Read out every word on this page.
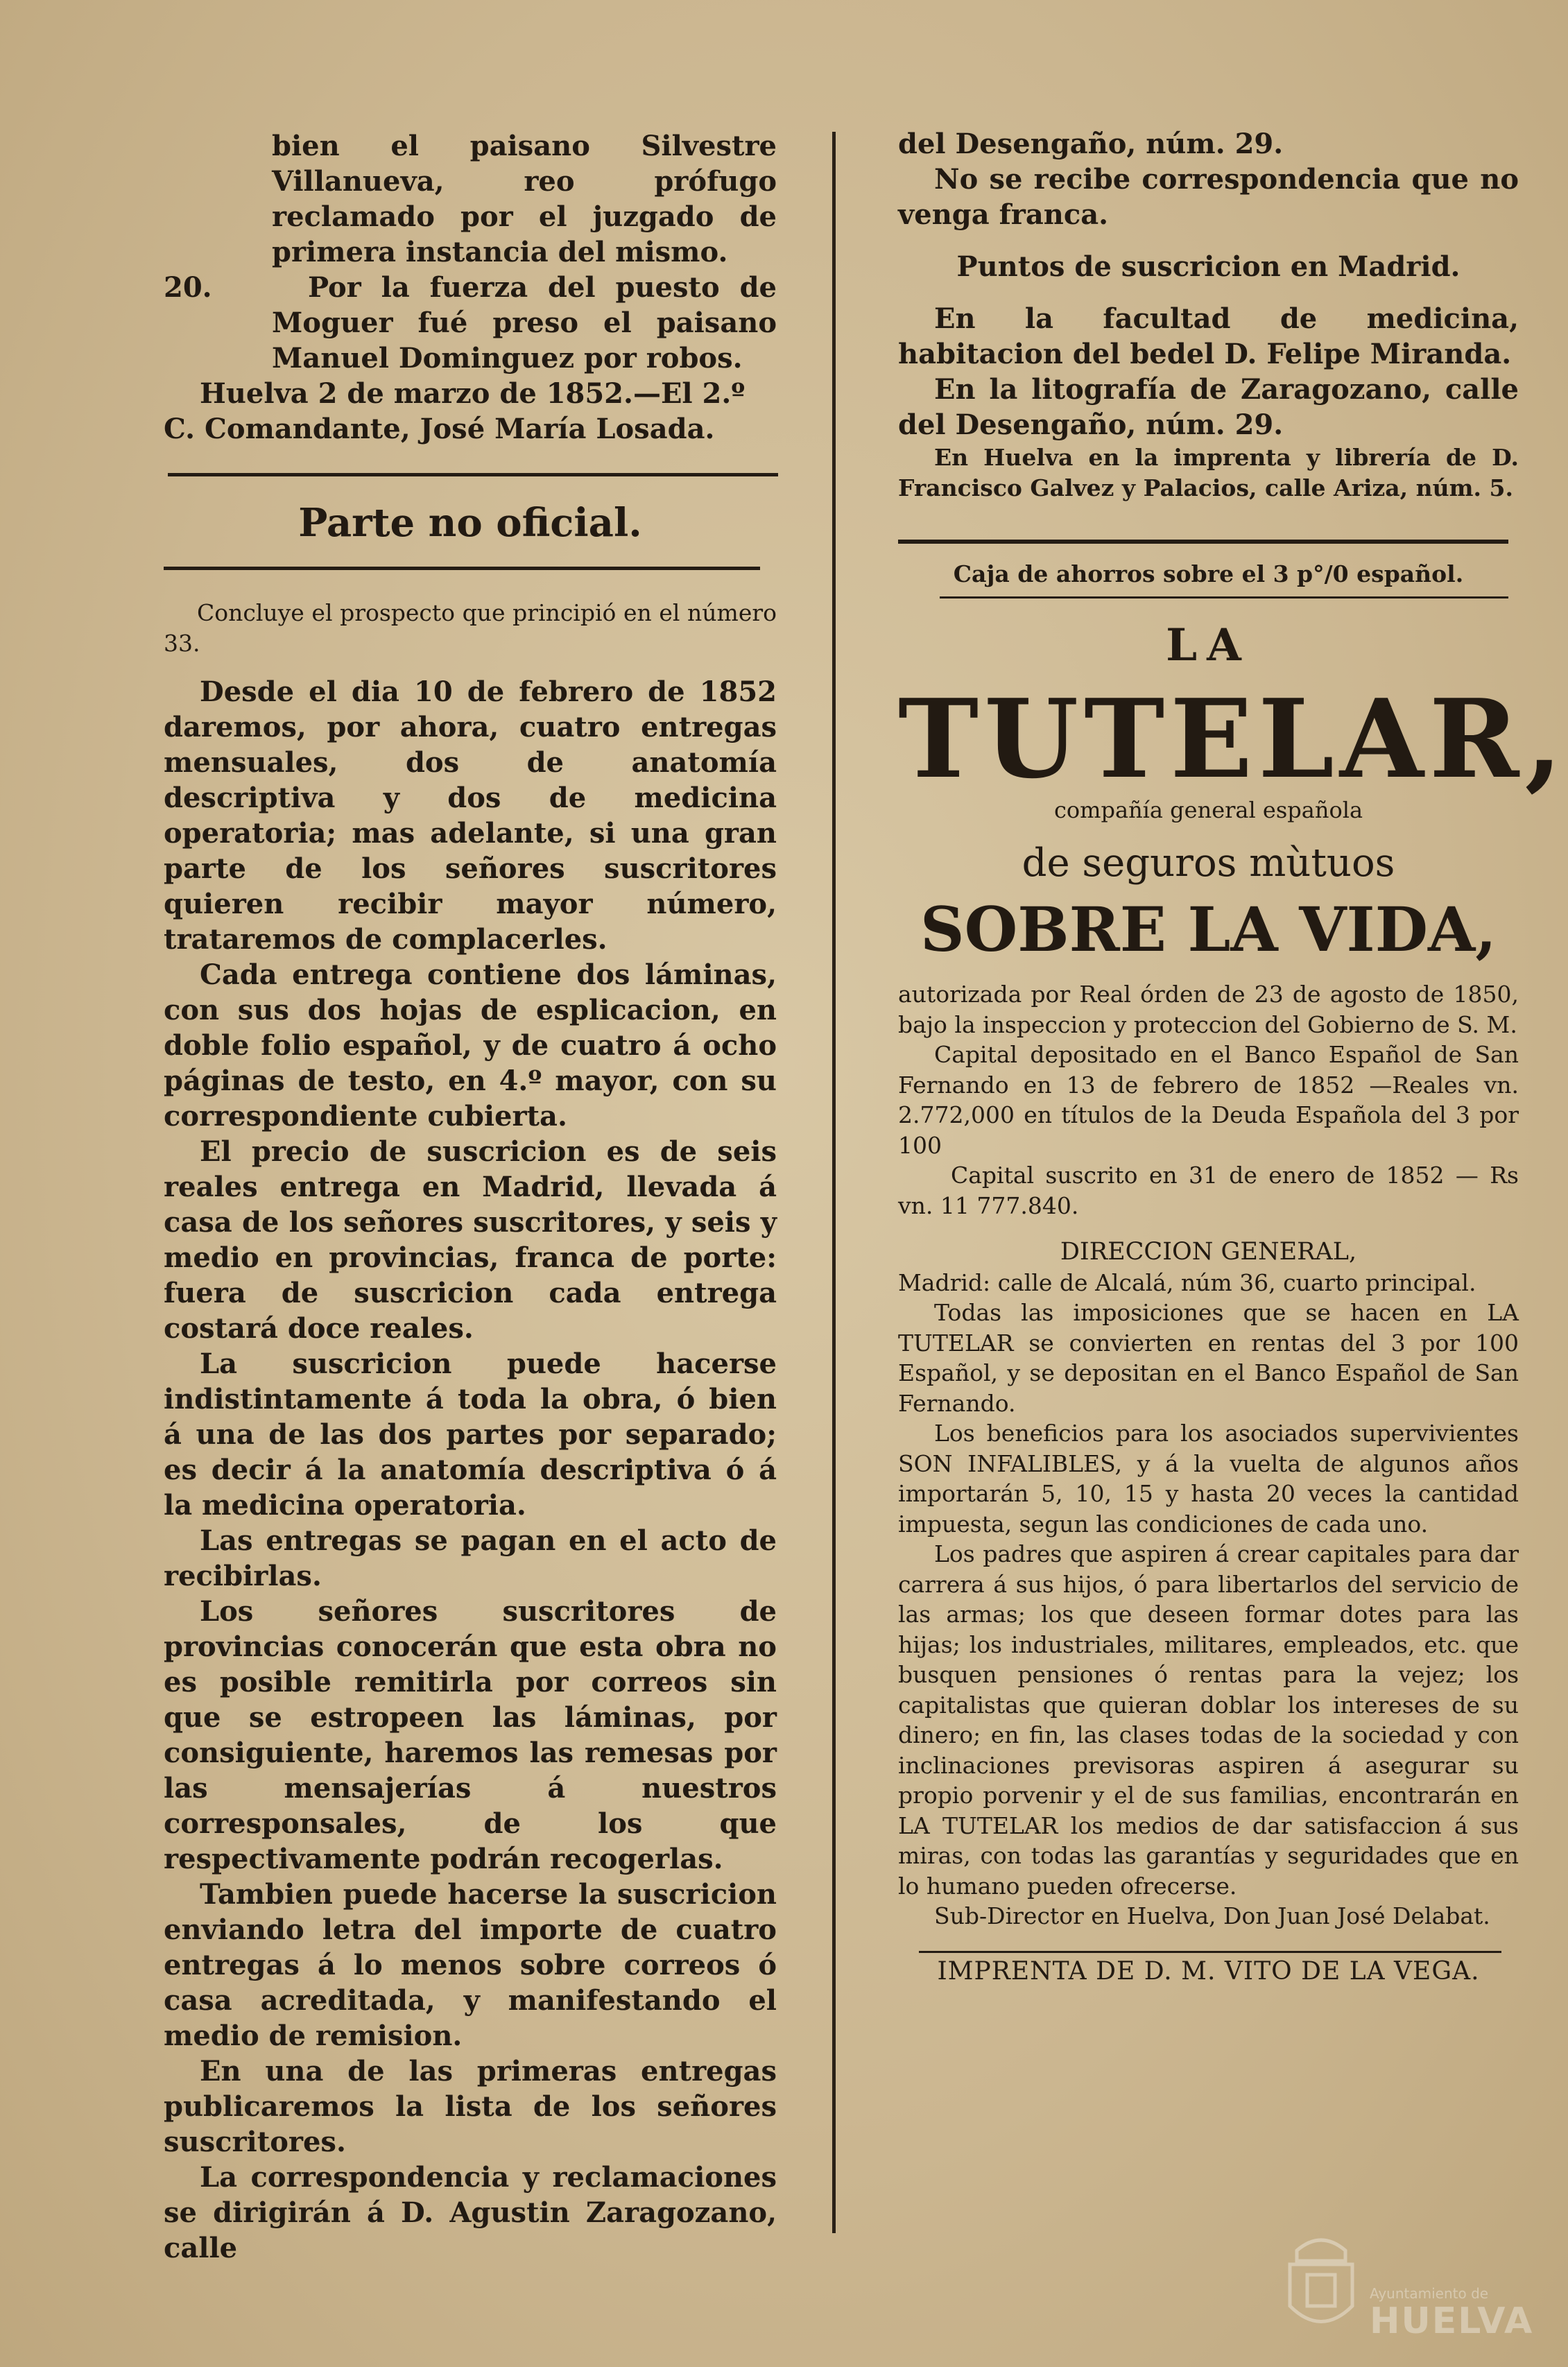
bien el paisano Silvestre Villanueva, reo prófugo reclamado por el juzgado de primera instancia del mismo.

20.	Por la fuerza del puesto de Moguer fué preso el paisano Manuel Dominguez por robos.

Huelva 2 de marzo de 1852.—El 2.º

C. Comandante, José María Losada.

Parte no oficial.

Concluye el prospecto que principió en el número 33.

Desde el dia 10 de febrero de 1852 daremos, por ahora, cuatro entregas mensuales, dos de anatomía descriptiva y dos de medicina operatoria; mas adelante, si una gran parte de los señores suscritores quieren recibir mayor número, trataremos de complacerles.

Cada entrega contiene dos láminas, con sus dos hojas de esplicacion, en doble folio español, y de cuatro á ocho páginas de testo, en 4.º mayor, con su correspondiente cubierta.

El precio de suscricion es de seis reales entrega en Madrid, llevada á casa de los señores suscritores, y seis y medio en provincias, franca de porte: fuera de suscricion cada entrega costará doce reales.

La suscricion puede hacerse indistintamente á toda la obra, ó bien á una de las dos partes por separado; es decir á la anatomía descriptiva ó á la medicina operatoria.

Las entregas se pagan en el acto de recibirlas.

Los señores suscritores de provincias conocerán que esta obra no es posible remitirla por correos sin que se estropeen las láminas, por consiguiente, haremos las remesas por las mensajerías á nuestros corresponsales, de los que respectivamente podrán recogerlas.

Tambien puede hacerse la suscricion enviando letra del importe de cuatro entregas á lo menos sobre correos ó casa acreditada, y manifestando el medio de remision.

En una de las primeras entregas publicaremos la lista de los señores suscritores.

La correspondencia y reclamaciones se dirigirán á D. Agustin Zaragozano, calle

del Desengaño, núm. 29.

No se recibe correspondencia que no venga franca.

Puntos de suscricion en Madrid.

En la facultad de medicina, habitacion del bedel D. Felipe Miranda.

En la litografía de Zaragozano, calle del Desengaño, núm. 29.

En Huelva en la imprenta y librería de D. Francisco Galvez y Palacios, calle Ariza, núm. 5.

Caja de ahorros sobre el 3 p°/0 español.
LA
TUTELAR,
compañía general española
de seguros mùtuos
SOBRE LA VIDA,

autorizada por Real órden de 23 de agosto de 1850, bajo la inspeccion y proteccion del Gobierno de S. M.

Capital depositado en el Banco Español de San Fernando en 13 de febrero de 1852 —Reales vn. 2.772,000 en títulos de la Deuda Española del 3 por 100

Capital suscrito en 31 de enero de 1852 — Rs vn. 11 777.840.

DIRECCION GENERAL,

Madrid: calle de Alcalá, núm 36, cuarto principal.

Todas las imposiciones que se hacen en LA TUTELAR se convierten en rentas del 3 por 100 Español, y se depositan en el Banco Español de San Fernando.

Los beneficios para los asociados supervivientes SON INFALIBLES, y á la vuelta de algunos años importarán 5, 10, 15 y hasta 20 veces la cantidad impuesta, segun las condiciones de cada uno.

Los padres que aspiren á crear capitales para dar carrera á sus hijos, ó para libertarlos del servicio de las armas; los que deseen formar dotes para las hijas; los industriales, militares, empleados, etc. que busquen pensiones ó rentas para la vejez; los capitalistas que quieran doblar los intereses de su dinero; en fin, las clases todas de la sociedad y con inclinaciones previsoras aspiren á asegurar su propio porvenir y el de sus familias, encontrarán en LA TUTELAR los medios de dar satisfaccion á sus miras, con todas las garantías y seguridades que en lo humano pueden ofrecerse.

Sub-Director en Huelva, Don Juan José Delabat.

IMPRENTA DE D. M. VITO DE LA VEGA.
Ayuntamiento de
HUELVA
